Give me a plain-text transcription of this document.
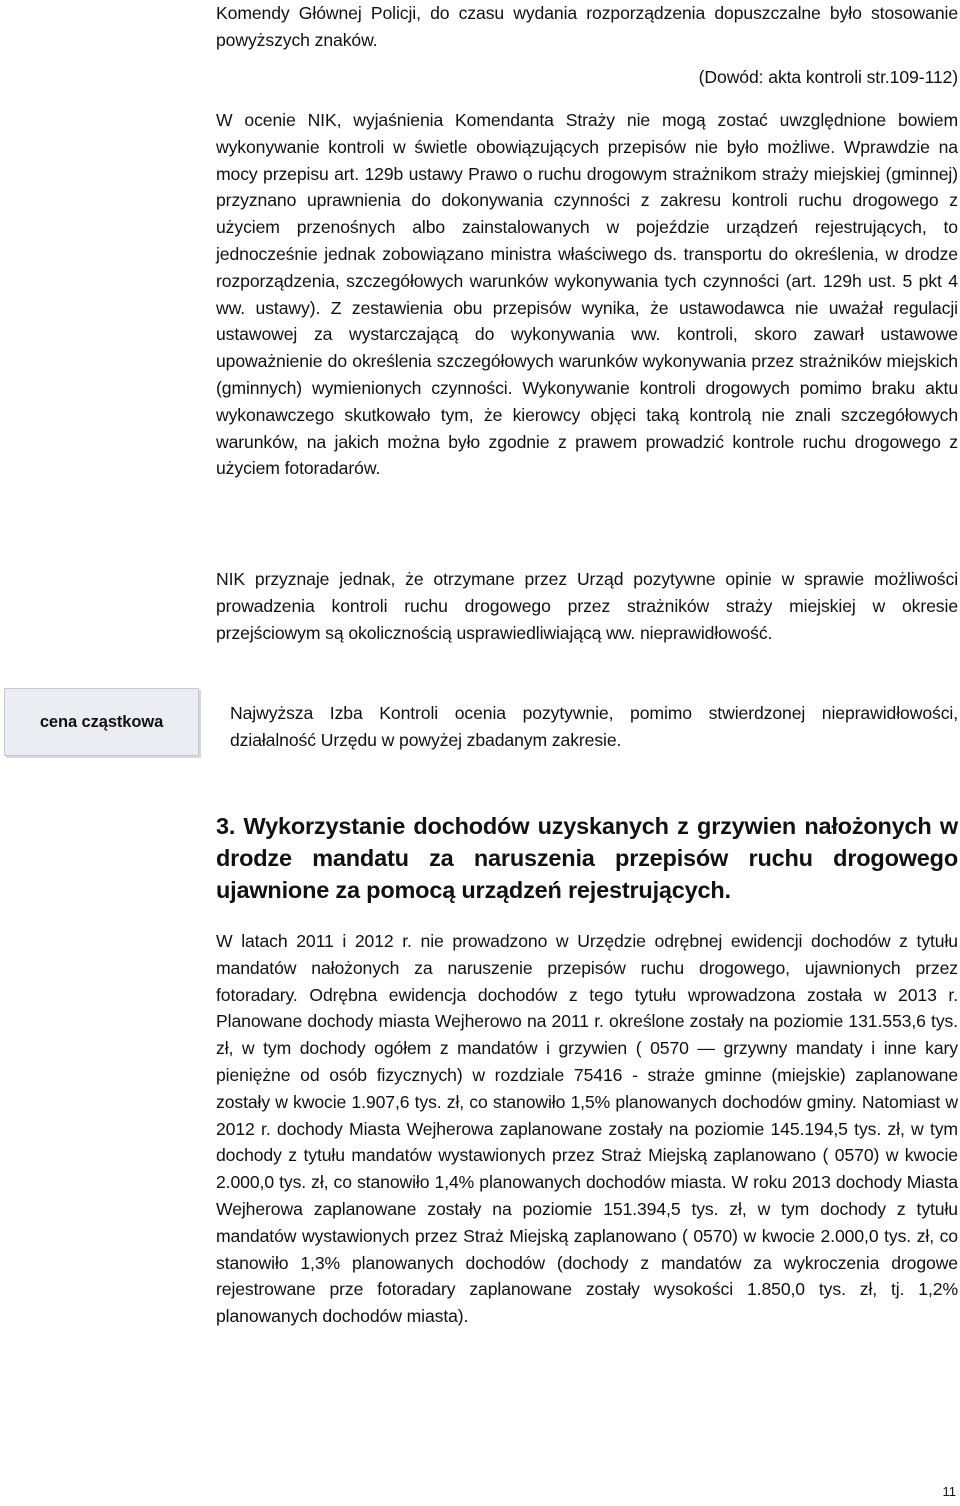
Komendy Głównej Policji, do czasu wydania rozporządzenia dopuszczalne było stosowanie powyższych znaków.

(Dowód: akta kontroli str.109-112)

W ocenie NIK, wyjaśnienia Komendanta Straży nie mogą zostać uwzględnione bowiem wykonywanie kontroli w świetle obowiązujących przepisów nie było możliwe. Wprawdzie na mocy przepisu art. 129b ustawy Prawo o ruchu drogowym strażnikom straży miejskiej (gminnej) przyznano uprawnienia do dokonywania czynności z zakresu kontroli ruchu drogowego z użyciem przenośnych albo zainstalowanych w pojeździe urządzeń rejestrujących, to jednocześnie jednak zobowiązano ministra właściwego ds. transportu do określenia, w drodze rozporządzenia, szczegółowych warunków wykonywania tych czynności (art. 129h ust. 5 pkt 4 ww. ustawy). Z zestawienia obu przepisów wynika, że ustawodawca nie uważał regulacji ustawowej za wystarczającą do wykonywania ww. kontroli, skoro zawarł ustawowe upoważnienie do określenia szczegółowych warunków wykonywania przez strażników miejskich (gminnych) wymienionych czynności. Wykonywanie kontroli drogowych pomimo braku aktu wykonawczego skutkowało tym, że kierowcy objęci taką kontrolą nie znali szczegółowych warunków, na jakich można było zgodnie z prawem prowadzić kontrole ruchu drogowego z użyciem fotoradarów.

NIK przyznaje jednak, że otrzymane przez Urząd pozytywne opinie w sprawie możliwości prowadzenia kontroli ruchu drogowego przez strażników straży miejskiej w okresie przejściowym są okolicznością usprawiedliwiającą ww. nieprawidłowość.

cena cząstkowa	Najwyższa Izba Kontroli ocenia pozytywnie, pomimo stwierdzonej nieprawidłowości, działalność Urzędu w powyżej zbadanym zakresie.

3. Wykorzystanie dochodów uzyskanych z grzywien nałożonych w drodze mandatu za naruszenia przepisów ruchu drogowego ujawnione za pomocą urządzeń rejestrujących.

W latach 2011 i 2012 r. nie prowadzono w Urzędzie odrębnej ewidencji dochodów z tytułu mandatów nałożonych za naruszenie przepisów ruchu drogowego, ujawnionych przez fotoradary. Odrębna ewidencja dochodów z tego tytułu wprowadzona została w 2013 r. Planowane dochody miasta Wejherowo na 2011 r. określone zostały na poziomie 131.553,6 tys. zł, w tym dochody ogółem z mandatów i grzywien ( 0570 — grzywny mandaty i inne kary pieniężne od osób fizycznych) w rozdziale 75416 - straże gminne (miejskie) zaplanowane zostały w kwocie 1.907,6 tys. zł, co stanowiło 1,5% planowanych dochodów gminy. Natomiast w 2012 r. dochody Miasta Wejherowa zaplanowane zostały na poziomie 145.194,5 tys. zł, w tym dochody z tytułu mandatów wystawionych przez Straż Miejską zaplanowano ( 0570) w kwocie 2.000,0 tys. zł, co stanowiło 1,4% planowanych dochodów miasta. W roku 2013 dochody Miasta Wejherowa zaplanowane zostały na poziomie 151.394,5 tys. zł, w tym dochody z tytułu mandatów wystawionych przez Straż Miejską zaplanowano ( 0570) w kwocie 2.000,0 tys. zł, co stanowiło 1,3% planowanych dochodów (dochody z mandatów za wykroczenia drogowe rejestrowane prze fotoradary zaplanowane zostały wysokości 1.850,0 tys. zł, tj. 1,2% planowanych dochodów miasta).

11
